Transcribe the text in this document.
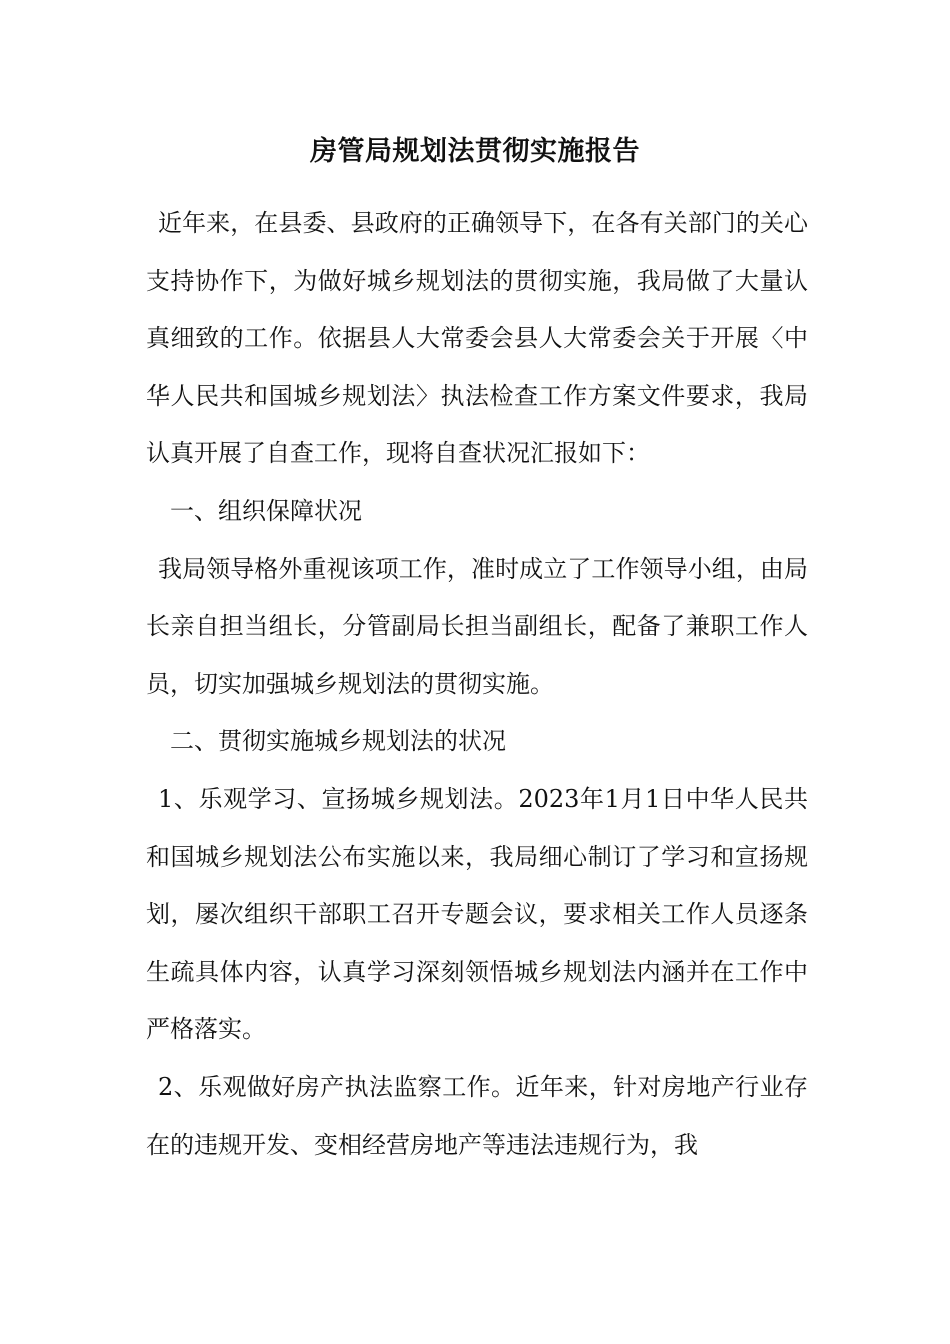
房管局规划法贯彻实施报告

近年来，在县委、县政府的正确领导下，在各有关部门的关心支持协作下，为做好城乡规划法的贯彻实施，我局做了大量认真细致的工作。依据县人大常委会县人大常委会关于开展〈中华人民共和国城乡规划法〉执法检查工作方案文件要求，我局认真开展了自查工作，现将自查状况汇报如下：

一、组织保障状况

我局领导格外重视该项工作，准时成立了工作领导小组，由局长亲自担当组长，分管副局长担当副组长，配备了兼职工作人员，切实加强城乡规划法的贯彻实施。

二、贯彻实施城乡规划法的状况

1、乐观学习、宣扬城乡规划法。2023年1月1日中华人民共和国城乡规划法公布实施以来，我局细心制订了学习和宣扬规划，屡次组织干部职工召开专题会议，要求相关工作人员逐条生疏具体内容，认真学习深刻领悟城乡规划法内涵并在工作中严格落实。

2、乐观做好房产执法监察工作。近年来，针对房地产行业存在的违规开发、变相经营房地产等违法违规行为，我
